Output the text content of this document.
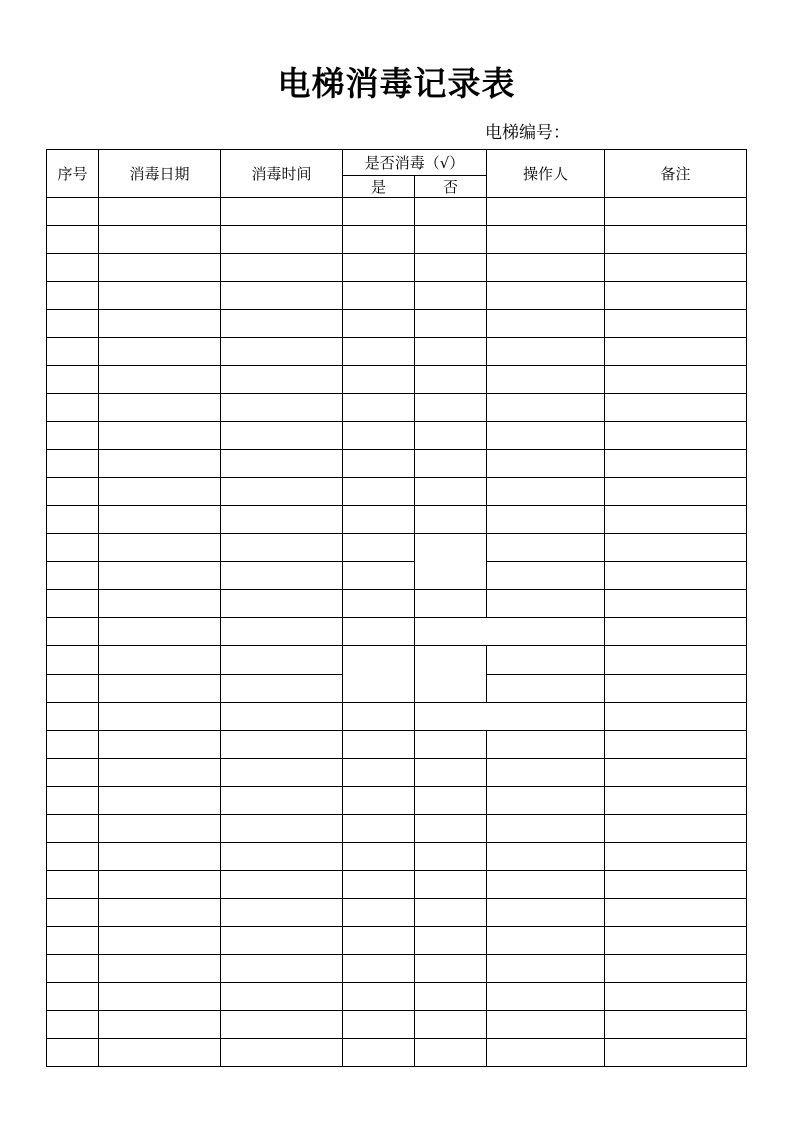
电梯消毒记录表
电梯编号：
序号	消毒日期	消毒时间	是否消毒（√）		操作人	备注
			是	否		
